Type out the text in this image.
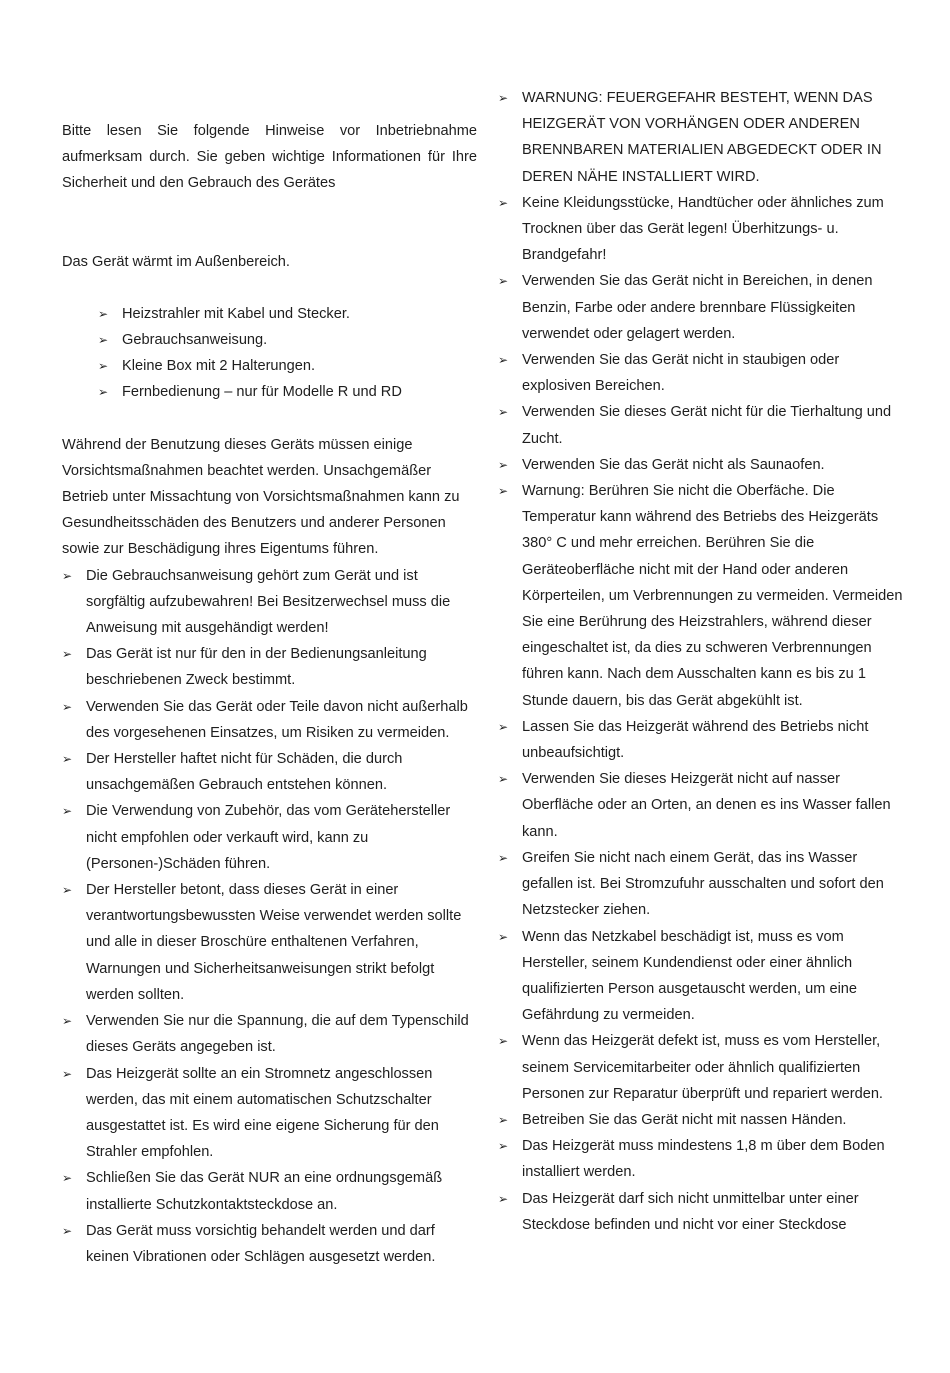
Bitte lesen Sie folgende Hinweise vor Inbetriebnahme aufmerksam durch. Sie geben wichtige Informationen für Ihre Sicherheit und den Gebrauch des Gerätes

Das Gerät wärmt im Außenbereich.

➢ Heizstrahler mit Kabel und Stecker.
➢ Gebrauchsanweisung.
➢ Kleine Box mit 2 Halterungen.
➢ Fernbedienung – nur für Modelle R und RD

Während der Benutzung dieses Geräts müssen einige Vorsichtsmaßnahmen beachtet werden. Unsachgemäßer Betrieb unter Missachtung von Vorsichtsmaßnahmen kann zu Gesundheitsschäden des Benutzers und anderer Personen sowie zur Beschädigung ihres Eigentums führen.

➢ Die Gebrauchsanweisung gehört zum Gerät und ist sorgfältig aufzubewahren! Bei Besitzerwechsel muss die Anweisung mit ausgehändigt werden!
➢ Das Gerät ist nur für den in der Bedienungsanleitung beschriebenen Zweck bestimmt.
➢ Verwenden Sie das Gerät oder Teile davon nicht außerhalb des vorgesehenen Einsatzes, um Risiken zu vermeiden.
➢ Der Hersteller haftet nicht für Schäden, die durch unsachgemäßen Gebrauch entstehen können.
➢ Die Verwendung von Zubehör, das vom Gerätehersteller nicht empfohlen oder verkauft wird, kann zu (Personen-)Schäden führen.
➢ Der Hersteller betont, dass dieses Gerät in einer verantwortungsbewussten Weise verwendet werden sollte und alle in dieser Broschüre enthaltenen Verfahren, Warnungen und Sicherheitsanweisungen strikt befolgt werden sollten.
➢ Verwenden Sie nur die Spannung, die auf dem Typenschild dieses Geräts angegeben ist.
➢ Das Heizgerät sollte an ein Stromnetz angeschlossen werden, das mit einem automatischen Schutzschalter ausgestattet ist. Es wird eine eigene Sicherung für den Strahler empfohlen.
➢ Schließen Sie das Gerät NUR an eine ordnungsgemäß installierte Schutzkontaktsteckdose an.
➢ Das Gerät muss vorsichtig behandelt werden und darf keinen Vibrationen oder Schlägen ausgesetzt werden.
➢ WARNUNG: FEUERGEFAHR BESTEHT, WENN DAS HEIZGERÄT VON VORHÄNGEN ODER ANDEREN BRENNBAREN MATERIALIEN ABGEDECKT ODER IN DEREN NÄHE INSTALLIERT WIRD.
➢ Keine Kleidungsstücke, Handtücher oder ähnliches zum Trocknen über das Gerät legen! Überhitzungs- u. Brandgefahr!
➢ Verwenden Sie das Gerät nicht in Bereichen, in denen Benzin, Farbe oder andere brennbare Flüssigkeiten verwendet oder gelagert werden.
➢ Verwenden Sie das Gerät nicht in staubigen oder explosiven Bereichen.
➢ Verwenden Sie dieses Gerät nicht für die Tierhaltung und Zucht.
➢ Verwenden Sie das Gerät nicht als Saunaofen.
➢ Warnung: Berühren Sie nicht die Oberfäche. Die Temperatur kann während des Betriebs des Heizgeräts 380° C und mehr erreichen. Berühren Sie die Geräteoberfläche nicht mit der Hand oder anderen Körperteilen, um Verbrennungen zu vermeiden. Vermeiden Sie eine Berührung des Heizstrahlers, während dieser eingeschaltet ist, da dies zu schweren Verbrennungen führen kann. Nach dem Ausschalten kann es bis zu 1 Stunde dauern, bis das Gerät abgekühlt ist.
➢ Lassen Sie das Heizgerät während des Betriebs nicht unbeaufsichtigt.
➢ Verwenden Sie dieses Heizgerät nicht auf nasser Oberfläche oder an Orten, an denen es ins Wasser fallen kann.
➢ Greifen Sie nicht nach einem Gerät, das ins Wasser gefallen ist. Bei Stromzufuhr ausschalten und sofort den Netzstecker ziehen.
➢ Wenn das Netzkabel beschädigt ist, muss es vom Hersteller, seinem Kundendienst oder einer ähnlich qualifizierten Person ausgetauscht werden, um eine Gefährdung zu vermeiden.
➢ Wenn das Heizgerät defekt ist, muss es vom Hersteller, seinem Servicemitarbeiter oder ähnlich qualifizierten Personen zur Reparatur überprüft und repariert werden.
➢ Betreiben Sie das Gerät nicht mit nassen Händen.
➢ Das Heizgerät muss mindestens 1,8 m über dem Boden installiert werden.
➢ Das Heizgerät darf sich nicht unmittelbar unter einer Steckdose befinden und nicht vor einer Steckdose
